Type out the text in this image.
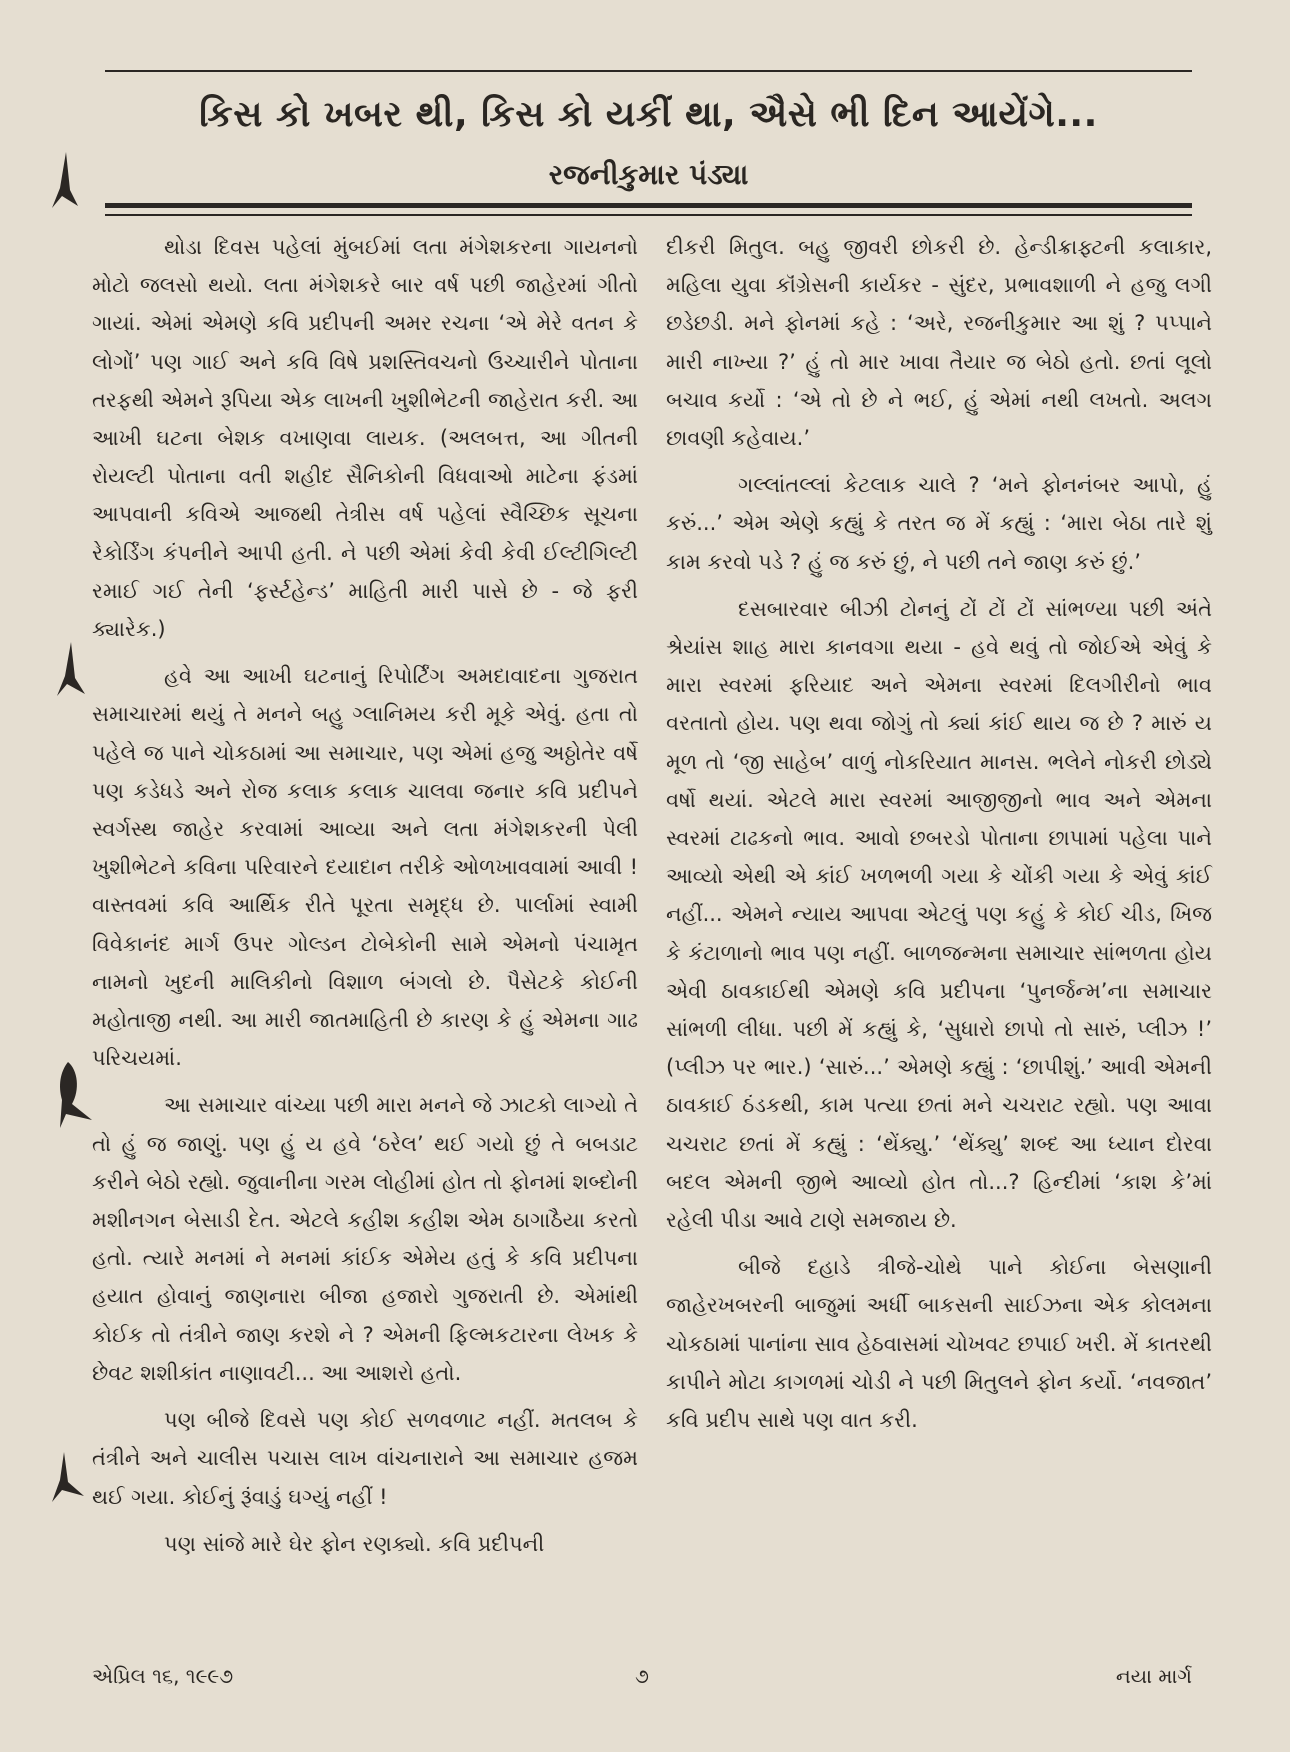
કિસ કો ખબર થી, કિસ કો યકીં થા, ઐસે ભી દિન આયેંગે...
રજનીકુમાર પંડ્યા

થોડા દિવસ પહેલાં મુંબઈમાં લતા મંગેશકરના ગાયનનો મોટો જલસો થયો. લતા મંગેશકરે બાર વર્ષ પછી જાહેરમાં ગીતો ગાયાં. એમાં એમણે કવિ પ્રદીપની અમર રચના ‘એ મેરે વતન કે લોગોં’ પણ ગાઈ અને કવિ વિષે પ્રશસ્તિવચનો ઉચ્ચારીને પોતાના તરફથી એમને રૂપિયા એક લાખની ખુશીભેટની જાહેરાત કરી. આ આખી ઘટના બેશક વખાણવા લાયક. (અલબત્ત, આ ગીતની રોયલ્ટી પોતાના વતી શહીદ સૈનિકોની વિધવાઓ માટેના ફંડમાં આપવાની કવિએ આજથી તેત્રીસ વર્ષ પહેલાં સ્વૈચ્છિક સૂચના રેકોર્ડિંગ કંપનીને આપી હતી. ને પછી એમાં કેવી કેવી ઈલ્ટીગિલ્ટી રમાઈ ગઈ તેની ‘ફર્સ્ટહેન્ડ’ માહિતી મારી પાસે છે - જે ફરી ક્યારેક.)

હવે આ આખી ઘટનાનું રિપોર્ટિંગ અમદાવાદના ગુજરાત સમાચારમાં થયું તે મનને બહુ ગ્લાનિમય કરી મૂકે એવું. હતા તો પહેલે જ પાને ચોકઠામાં આ સમાચાર, પણ એમાં હજુ અઠ્ઠોતેર વર્ષે પણ કડેધડે અને રોજ કલાક કલાક ચાલવા જનાર કવિ પ્રદીપને સ્વર્ગસ્થ જાહેર કરવામાં આવ્યા અને લતા મંગેશકરની પેલી ખુશીભેટને કવિના પરિવારને દયાદાન તરીકે ઓળખાવવામાં આવી ! વાસ્તવમાં કવિ આર્થિક રીતે પૂરતા સમૃદ્ધ છે. પાર્લામાં સ્વામી વિવેકાનંદ માર્ગ ઉપર ગોલ્ડન ટોબેકોની સામે એમનો પંચામૃત નામનો ખુદની માલિકીનો વિશાળ બંગલો છે. પૈસેટકે કોઈની મહોતાજી નથી. આ મારી જાતમાહિતી છે કારણ કે હું એમના ગાઢ પરિચયમાં.

આ સમાચાર વાંચ્યા પછી મારા મનને જે ઝાટકો લાગ્યો તે તો હું જ જાણું. પણ હું ય હવે ‘ઠરેલ’ થઈ ગયો છું તે બબડાટ કરીને બેઠો રહ્યો. જુવાનીના ગરમ લોહીમાં હોત તો ફોનમાં શબ્દોની મશીનગન બેસાડી દેત. એટલે કહીશ કહીશ એમ ઠાગાઠૈયા કરતો હતો. ત્યારે મનમાં ને મનમાં કાંઈક એમેય હતું કે કવિ પ્રદીપના હયાત હોવાનું જાણનારા બીજા હજારો ગુજરાતી છે. એમાંથી કોઈક તો તંત્રીને જાણ કરશે ને ? એમની ફિલ્મકટારના લેખક કે છેવટ શશીકાંત નાણાવટી... આ આશરો હતો.

પણ બીજે દિવસે પણ કોઈ સળવળાટ નહીં. મતલબ કે તંત્રીને અને ચાલીસ પચાસ લાખ વાંચનારાને આ સમાચાર હજમ થઈ ગયા. કોઈનું રૂંવાડું ઘગ્યું નહીં !

પણ સાંજે મારે ઘેર ફોન રણક્યો. કવિ પ્રદીપની

દીકરી મિતુલ. બહુ જીવરી છોકરી છે. હેન્ડીક્રાફ્ટની કલાકાર, મહિલા યુવા કૉંગ્રેસની કાર્યકર - સુંદર, પ્રભાવશાળી ને હજુ લગી છડેછડી. મને ફોનમાં કહે : ‘અરે, રજનીકુમાર આ શું ? પપ્પાને મારી નાખ્યા ?’ હું તો માર ખાવા તૈયાર જ બેઠો હતો. છતાં લૂલો બચાવ કર્યો : ‘એ તો છે ને ભઈ, હું એમાં નથી લખતો. અલગ છાવણી કહેવાય.’

ગલ્લાંતલ્લાં કેટલાક ચાલે ? ‘મને ફોનનંબર આપો, હું કરું...’ એમ એણે કહ્યું કે તરત જ મેં કહ્યું : ‘મારા બેઠા તારે શું કામ કરવો પડે ? હું જ કરું છું, ને પછી તને જાણ કરું છું.’

દસબારવાર બીઝી ટોનનું ટોં ટોં ટોં સાંભળ્યા પછી અંતે શ્રેયાંસ શાહ મારા કાનવગા થયા - હવે થવું તો જોઈએ એવું કે મારા સ્વરમાં ફરિયાદ અને એમના સ્વરમાં દિલગીરીનો ભાવ વરતાતો હોય. પણ થવા જોગું તો ક્યાં કાંઈ થાય જ છે ? મારું ય મૂળ તો ‘જી સાહેબ’ વાળું નોકરિયાત માનસ. ભલેને નોકરી છોડ્યે વર્ષો થયાં. એટલે મારા સ્વરમાં આજીજીનો ભાવ અને એમના સ્વરમાં ટાઢકનો ભાવ. આવો છબરડો પોતાના છાપામાં પહેલા પાને આવ્યો એથી એ કાંઈ ખળભળી ગયા કે ચોંકી ગયા કે એવું કાંઈ નહીં... એમને ન્યાય આપવા એટલું પણ કહું કે કોઈ ચીડ, ખિજ કે કંટાળાનો ભાવ પણ નહીં. બાળજન્મના સમાચાર સાંભળતા હોય એવી ઠાવકાઈથી એમણે કવિ પ્રદીપના ‘પુનર્જન્મ’ના સમાચાર સાંભળી લીધા. પછી મેં કહ્યું કે, ‘સુધારો છાપો તો સારું, પ્લીઝ !’ (પ્લીઝ પર ભાર.) ‘સારું...’ એમણે કહ્યું : ‘છાપીશું.’ આવી એમની ઠાવકાઈ ઠંડકથી, કામ પત્યા છતાં મને ચચરાટ રહ્યો. પણ આવા ચચરાટ છતાં મેં કહ્યું : ‘થેંક્યુ.’ ‘થેંક્યુ’ શબ્દ આ ધ્યાન દોરવા બદલ એમની જીભે આવ્યો હોત તો...? હિન્દીમાં ‘કાશ કે’માં રહેલી પીડા આવે ટાણે સમજાય છે.

બીજે દહાડે ત્રીજે-ચોથે પાને કોઈના બેસણાની જાહેરખબરની બાજુમાં અર્ધી બાકસની સાઈઝના એક કોલમના ચોકઠામાં પાનાંના સાવ હેઠવાસમાં ચોખવટ છપાઈ ખરી. મેં કાતરથી કાપીને મોટા કાગળમાં ચોડી ને પછી મિતુલને ફોન કર્યો. ‘નવજાત’ કવિ પ્રદીપ સાથે પણ વાત કરી.

એપ્રિલ ૧૬, ૧૯૯૭	૭	નયા માર્ગ
